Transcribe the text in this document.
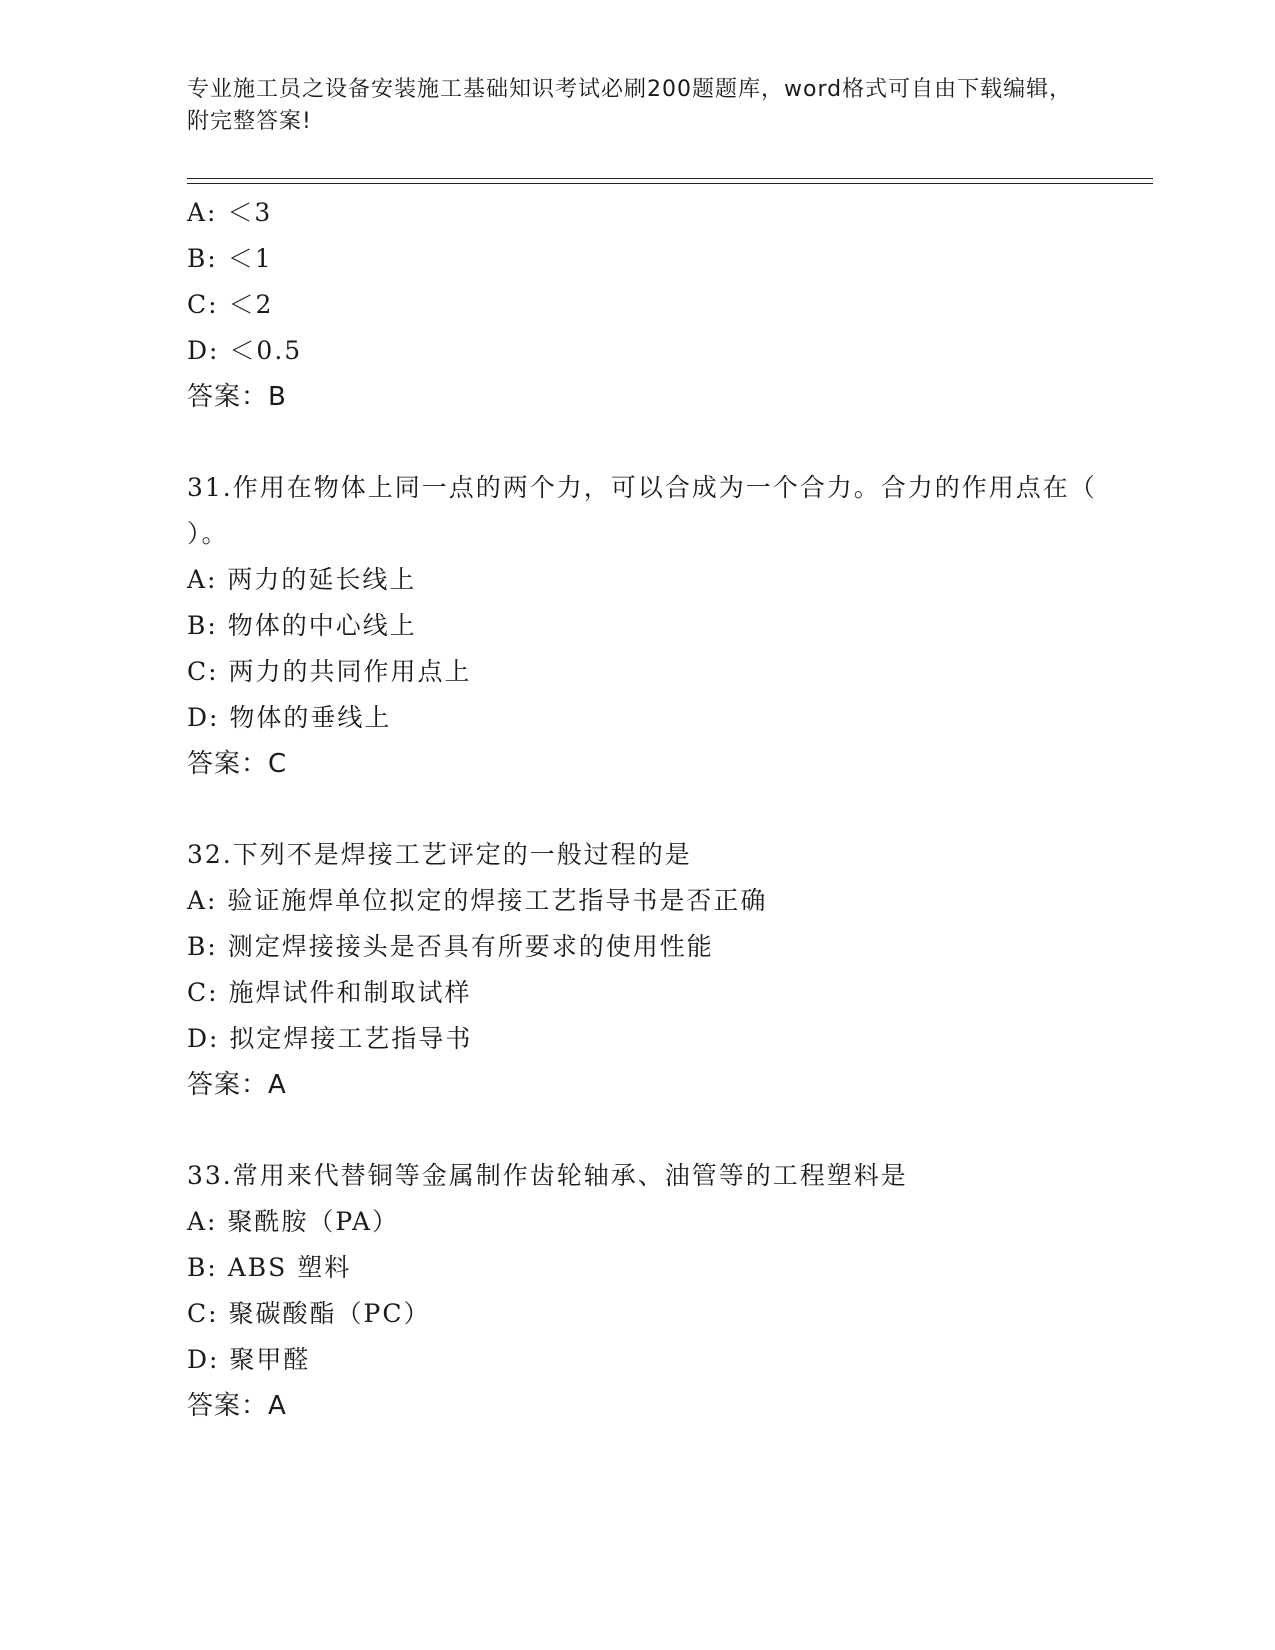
专业施工员之设备安装施工基础知识考试必刷200题题库，word格式可自由下载编辑，附完整答案!
A: ＜3
B: ＜1
C: ＜2
D: ＜0.5
答案：B
31.作用在物体上同一点的两个力，可以合成为一个合力。合力的作用点在（ ）。
A: 两力的延长线上
B: 物体的中心线上
C: 两力的共同作用点上
D: 物体的垂线上
答案：C
32.下列不是焊接工艺评定的一般过程的是
A: 验证施焊单位拟定的焊接工艺指导书是否正确
B: 测定焊接接头是否具有所要求的使用性能
C: 施焊试件和制取试样
D: 拟定焊接工艺指导书
答案：A
33.常用来代替铜等金属制作齿轮轴承、油管等的工程塑料是
A: 聚酰胺（PA）
B: ABS 塑料
C: 聚碳酸酯（PC）
D: 聚甲醛
答案：A
